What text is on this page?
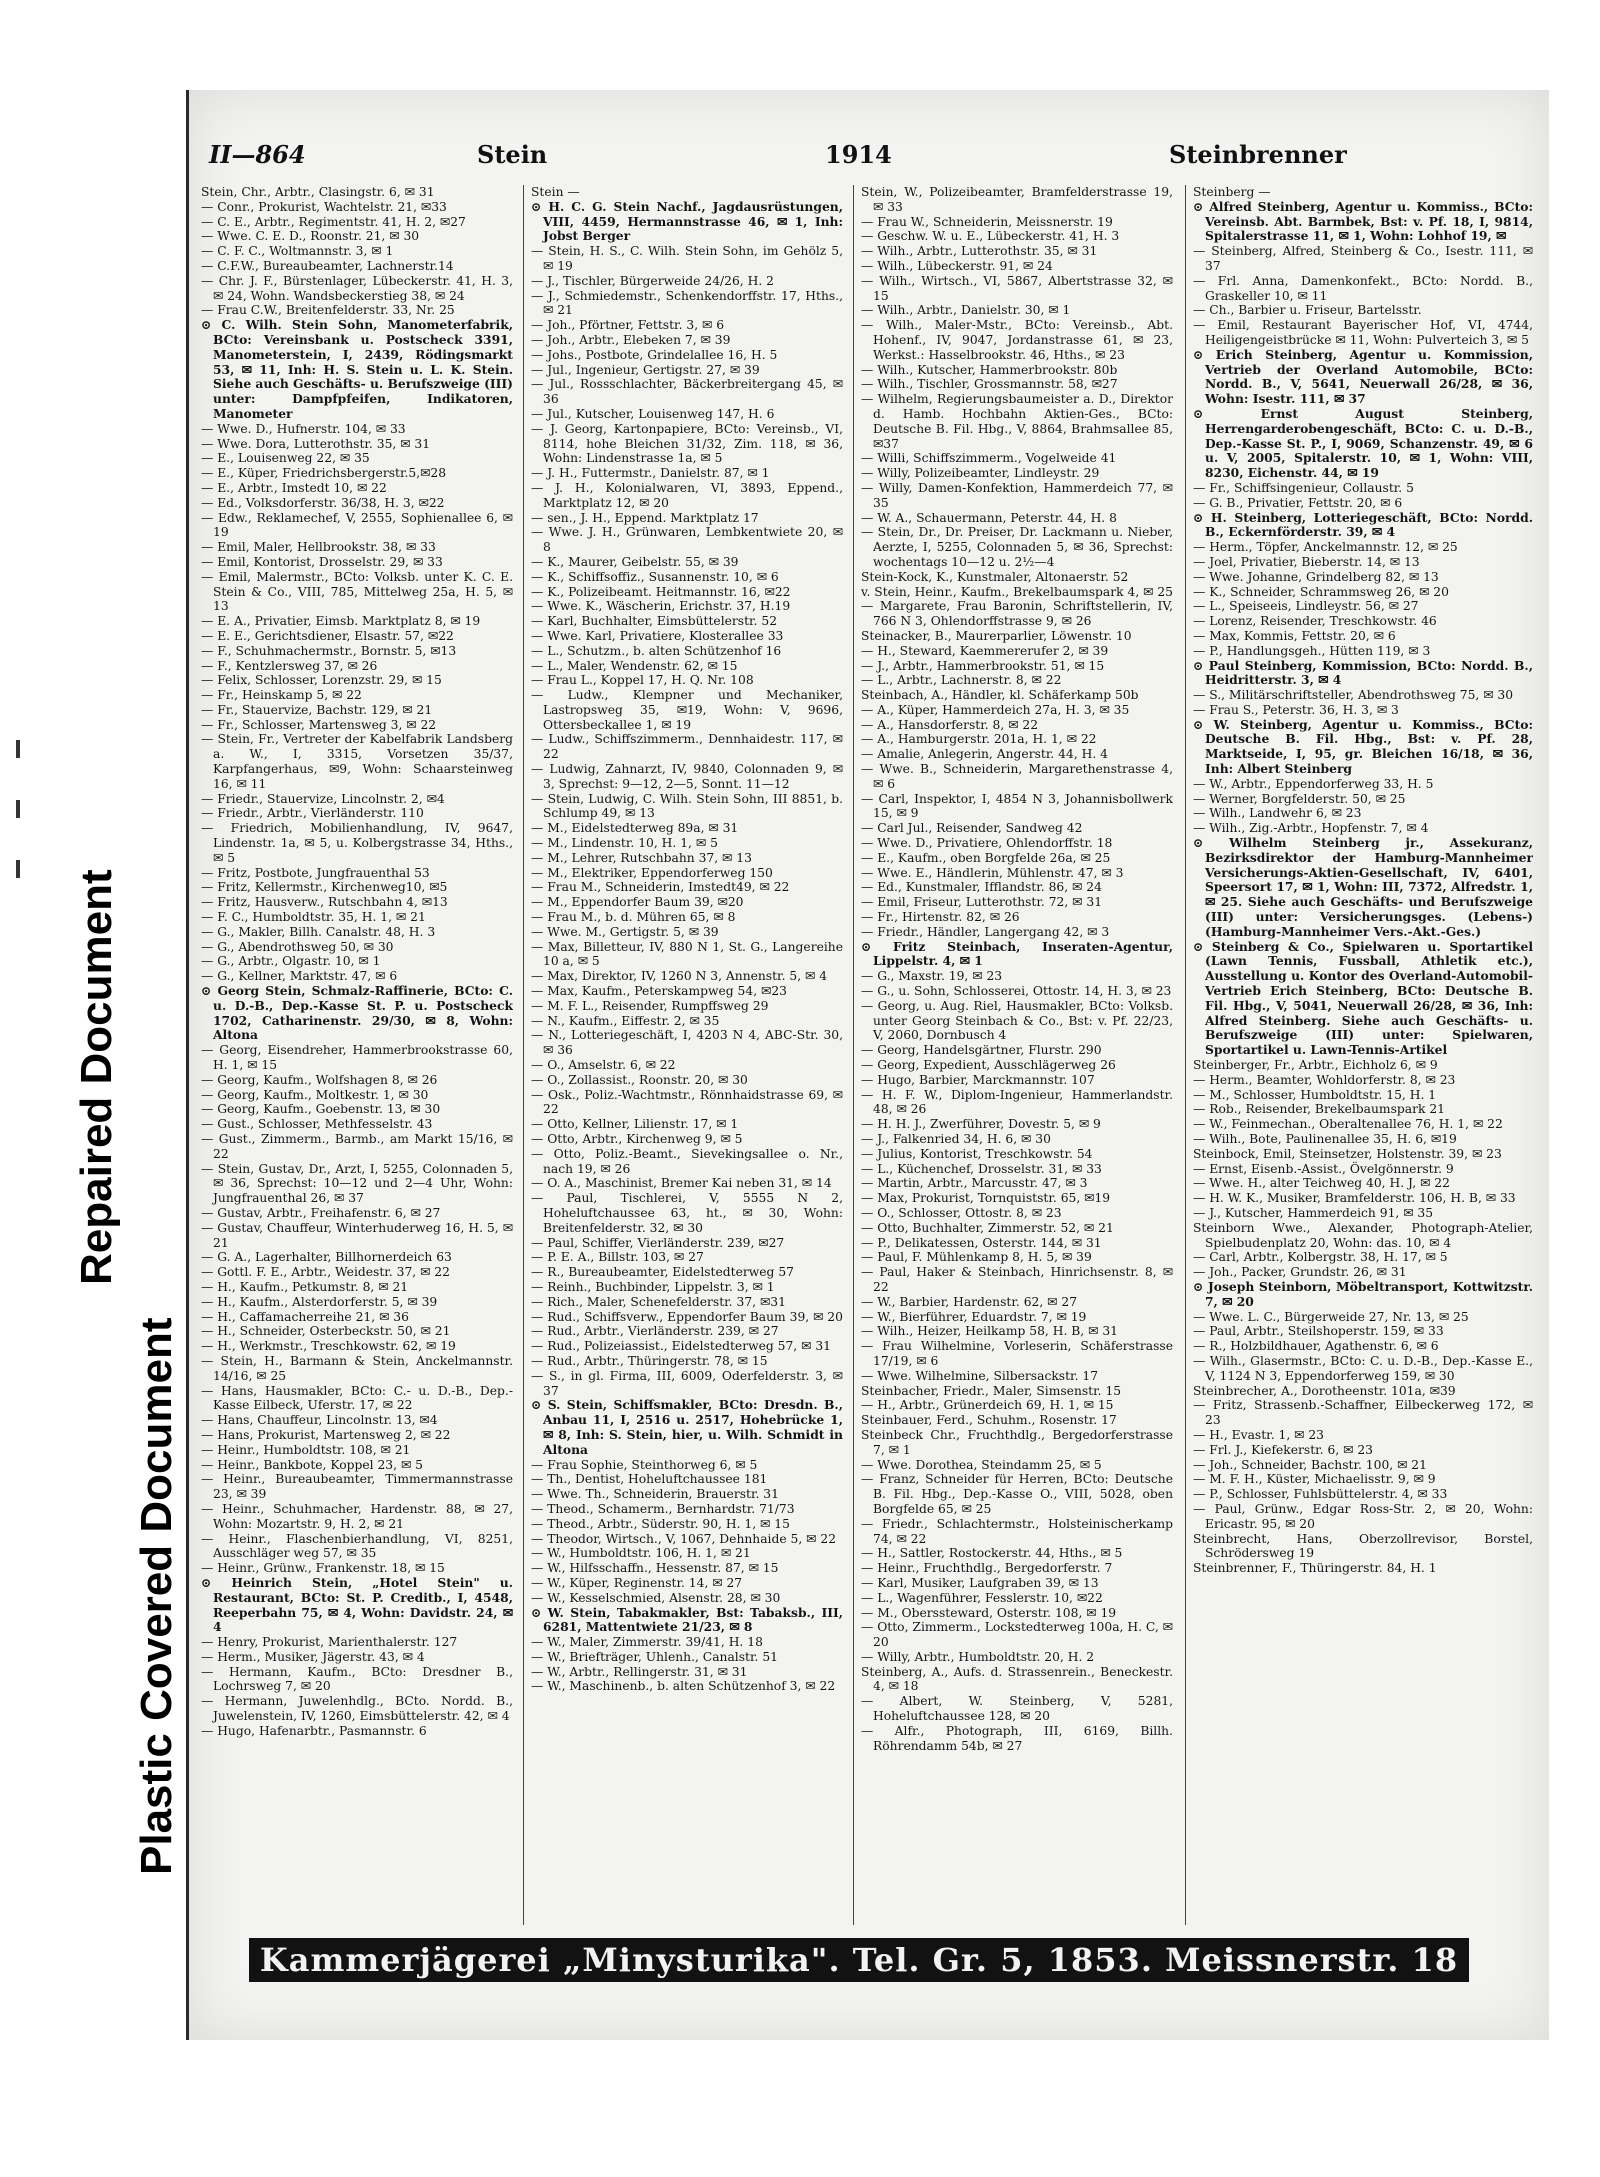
Repaired Document
Plastic Covered Document
II—864	Stein	1914	Steinbrenner

Stein, Chr., Arbtr., Clasingstr. 6, ✉ 31

— Conr., Prokurist, Wachtelstr. 21, ✉33

— C. E., Arbtr., Regimentstr. 41, H. 2, ✉27

— Wwe. C. E. D., Roonstr. 21, ✉ 30

— C. F. C., Woltmannstr. 3, ✉ 1

— C.F.W., Bureaubeamter, Lachnerstr.14

— Chr. J. F., Bürstenlager, Lübeckerstr. 41, H. 3, ✉ 24, Wohn. Wandsbeckerstieg 38, ✉ 24

— Frau C.W., Breitenfelderstr. 33, Nr. 25

⊙ C. Wilh. Stein Sohn, Manometerfabrik, BCto: Vereinsbank u. Postscheck 3391, Manometerstein, I, 2439, Rödingsmarkt 53, ✉ 11, Inh: H. S. Stein u. L. K. Stein. Siehe auch Geschäfts- u. Berufszweige (III) unter: Dampfpfeifen, Indikatoren, Manometer

— Wwe. D., Hufnerstr. 104, ✉ 33

— Wwe. Dora, Lutterothstr. 35, ✉ 31

— E., Louisenweg 22, ✉ 35

— E., Küper, Friedrichsbergerstr.5,✉28

— E., Arbtr., Imstedt 10, ✉ 22

— Ed., Volksdorferstr. 36/38, H. 3, ✉22

— Edw., Reklamechef, V, 2555, Sophienallee 6, ✉ 19

— Emil, Maler, Hellbrookstr. 38, ✉ 33

— Emil, Kontorist, Drosselstr. 29, ✉ 33

— Emil, Malermstr., BCto: Volksb. unter K. C. E. Stein & Co., VIII, 785, Mittelweg 25a, H. 5, ✉ 13

— E. A., Privatier, Eimsb. Marktplatz 8, ✉ 19

— E. E., Gerichtsdiener, Elsastr. 57, ✉22

— F., Schuhmachermstr., Bornstr. 5, ✉13

— F., Kentzlersweg 37, ✉ 26

— Felix, Schlosser, Lorenzstr. 29, ✉ 15

— Fr., Heinskamp 5, ✉ 22

— Fr., Stauervize, Bachstr. 129, ✉ 21

— Fr., Schlosser, Martensweg 3, ✉ 22

— Stein, Fr., Vertreter der Kabelfabrik Landsberg a. W., I, 3315, Vorsetzen 35/37, Karpfangerhaus, ✉9, Wohn: Schaarsteinweg 16, ✉ 11

— Friedr., Stauervize, Lincolnstr. 2, ✉4

— Friedr., Arbtr., Vierländerstr. 110

— Friedrich, Mobilienhandlung, IV, 9647, Lindenstr. 1a, ✉ 5, u. Kolbergstrasse 34, Hths., ✉ 5

— Fritz, Postbote, Jungfrauenthal 53

— Fritz, Kellermstr., Kirchenweg10, ✉5

— Fritz, Hausverw., Rutschbahn 4, ✉13

— F. C., Humboldtstr. 35, H. 1, ✉ 21

— G., Makler, Billh. Canalstr. 48, H. 3

— G., Abendrothsweg 50, ✉ 30

— G., Arbtr., Olgastr. 10, ✉ 1

— G., Kellner, Marktstr. 47, ✉ 6

⊙ Georg Stein, Schmalz-Raffinerie, BCto: C. u. D.-B., Dep.-Kasse St. P. u. Postscheck 1702, Catharinenstr. 29/30, ✉ 8, Wohn: Altona

— Georg, Eisendreher, Hammerbrookstrasse 60, H. 1, ✉ 15

— Georg, Kaufm., Wolfshagen 8, ✉ 26

— Georg, Kaufm., Moltkestr. 1, ✉ 30

— Georg, Kaufm., Goebenstr. 13, ✉ 30

— Gust., Schlosser, Methfesselstr. 43

— Gust., Zimmerm., Barmb., am Markt 15/16, ✉ 22

— Stein, Gustav, Dr., Arzt, I, 5255, Colonnaden 5, ✉ 36, Sprechst: 10—12 und 2—4 Uhr, Wohn: Jungfrauenthal 26, ✉ 37

— Gustav, Arbtr., Freihafenstr. 6, ✉ 27

— Gustav, Chauffeur, Winterhuderweg 16, H. 5, ✉ 21

— G. A., Lagerhalter, Billhornerdeich 63

— Gottl. F. E., Arbtr., Weidestr. 37, ✉ 22

— H., Kaufm., Petkumstr. 8, ✉ 21

— H., Kaufm., Alsterdorferstr. 5, ✉ 39

— H., Caffamacherreihe 21, ✉ 36

— H., Schneider, Osterbeckstr. 50, ✉ 21

— H., Werkmstr., Treschkowstr. 62, ✉ 19

— Stein, H., Barmann & Stein, Anckelmannstr. 14/16, ✉ 25

— Hans, Hausmakler, BCto: C.- u. D.-B., Dep.-Kasse Eilbeck, Uferstr. 17, ✉ 22

— Hans, Chauffeur, Lincolnstr. 13, ✉4

— Hans, Prokurist, Martensweg 2, ✉ 22

— Heinr., Humboldtstr. 108, ✉ 21

— Heinr., Bankbote, Koppel 23, ✉ 5

— Heinr., Bureaubeamter, Timmermannstrasse 23, ✉ 39

— Heinr., Schuhmacher, Hardenstr. 88, ✉ 27, Wohn: Mozartstr. 9, H. 2, ✉ 21

— Heinr., Flaschenbierhandlung, VI, 8251, Ausschläger weg 57, ✉ 35

— Heinr., Grünw., Frankenstr. 18, ✉ 15

⊙ Heinrich Stein, „Hotel Stein" u. Restaurant, BCto: St. P. Creditb., I, 4548, Reeperbahn 75, ✉ 4, Wohn: Davidstr. 24, ✉ 4

— Henry, Prokurist, Marienthalerstr. 127

— Herm., Musiker, Jägerstr. 43, ✉ 4

— Hermann, Kaufm., BCto: Dresdner B., Lochrsweg 7, ✉ 20

— Hermann, Juwelenhdlg., BCto. Nordd. B., Juwelenstein, IV, 1260, Eimsbüttelerstr. 42, ✉ 4

— Hugo, Hafenarbtr., Pasmannstr. 6

Stein —

⊙ H. C. G. Stein Nachf., Jagdausrüstungen, VIII, 4459, Hermannstrasse 46, ✉ 1, Inh: Jobst Berger

— Stein, H. S., C. Wilh. Stein Sohn, im Gehölz 5, ✉ 19

— J., Tischler, Bürgerweide 24/26, H. 2

— J., Schmiedemstr., Schenkendorffstr. 17, Hths., ✉ 21

— Joh., Pförtner, Fettstr. 3, ✉ 6

— Joh., Arbtr., Elebeken 7, ✉ 39

— Johs., Postbote, Grindelallee 16, H. 5

— Jul., Ingenieur, Gertigstr. 27, ✉ 39

— Jul., Rossschlachter, Bäckerbreitergang 45, ✉ 36

— Jul., Kutscher, Louisenweg 147, H. 6

— J. Georg, Kartonpapiere, BCto: Vereinsb., VI, 8114, hohe Bleichen 31/32, Zim. 118, ✉ 36, Wohn: Lindenstrasse 1a, ✉ 5

— J. H., Futtermstr., Danielstr. 87, ✉ 1

— J. H., Kolonialwaren, VI, 3893, Eppend., Marktplatz 12, ✉ 20

— sen., J. H., Eppend. Marktplatz 17

— Wwe. J. H., Grünwaren, Lembkentwiete 20, ✉ 8

— K., Maurer, Geibelstr. 55, ✉ 39

— K., Schiffsoffiz., Susannenstr. 10, ✉ 6

— K., Polizeibeamt. Heitmannstr. 16, ✉22

— Wwe. K., Wäscherin, Erichstr. 37, H.19

— Karl, Buchhalter, Eimsbüttelerstr. 52

— Wwe. Karl, Privatiere, Klosterallee 33

— L., Schutzm., b. alten Schützenhof 16

— L., Maler, Wendenstr. 62, ✉ 15

— Frau L., Koppel 17, H. Q. Nr. 108

— Ludw., Klempner und Mechaniker, Lastropsweg 35, ✉19, Wohn: V, 9696, Ottersbeckallee 1, ✉ 19

— Ludw., Schiffszimmerm., Dennhaidestr. 117, ✉ 22

— Ludwig, Zahnarzt, IV, 9840, Colonnaden 9, ✉ 3, Sprechst: 9—12, 2—5, Sonnt. 11—12

— Stein, Ludwig, C. Wilh. Stein Sohn, III 8851, b. Schlump 49, ✉ 13

— M., Eidelstedterweg 89a, ✉ 31

— M., Lindenstr. 10, H. 1, ✉ 5

— M., Lehrer, Rutschbahn 37, ✉ 13

— M., Elektriker, Eppendorferweg 150

— Frau M., Schneiderin, Imstedt49, ✉ 22

— M., Eppendorfer Baum 39, ✉20

— Frau M., b. d. Mühren 65, ✉ 8

— Wwe. M., Gertigstr. 5, ✉ 39

— Max, Billetteur, IV, 880 N 1, St. G., Langereihe 10 a, ✉ 5

— Max, Direktor, IV, 1260 N 3, Annenstr. 5, ✉ 4

— Max, Kaufm., Peterskampweg 54, ✉23

— M. F. L., Reisender, Rumpffsweg 29

— N., Kaufm., Eiffestr. 2, ✉ 35

— N., Lotteriegeschäft, I, 4203 N 4, ABC-Str. 30, ✉ 36

— O., Amselstr. 6, ✉ 22

— O., Zollassist., Roonstr. 20, ✉ 30

— Osk., Poliz.-Wachtmstr., Rönnhaidstrasse 69, ✉ 22

— Otto, Kellner, Lilienstr. 17, ✉ 1

— Otto, Arbtr., Kirchenweg 9, ✉ 5

— Otto, Poliz.-Beamt., Sievekingsallee o. Nr., nach 19, ✉ 26

— O. A., Maschinist, Bremer Kai neben 31, ✉ 14

— Paul, Tischlerei, V, 5555 N 2, Hoheluftchaussee 63, ht., ✉ 30, Wohn: Breitenfelderstr. 32, ✉ 30

— Paul, Schiffer, Vierländerstr. 239, ✉27

— P. E. A., Billstr. 103, ✉ 27

— R., Bureaubeamter, Eidelstedterweg 57

— Reinh., Buchbinder, Lippelstr. 3, ✉ 1

— Rich., Maler, Schenefelderstr. 37, ✉31

— Rud., Schiffsverw., Eppendorfer Baum 39, ✉ 20

— Rud., Arbtr., Vierländerstr. 239, ✉ 27

— Rud., Polizeiassist., Eidelstedterweg 57, ✉ 31

— Rud., Arbtr., Thüringerstr. 78, ✉ 15

— S., in gl. Firma, III, 6009, Oderfelderstr. 3, ✉ 37

⊙ S. Stein, Schiffsmakler, BCto: Dresdn. B., Anbau 11, I, 2516 u. 2517, Hohebrücke 1, ✉ 8, Inh: S. Stein, hier, u. Wilh. Schmidt in Altona

— Frau Sophie, Steinthorweg 6, ✉ 5

— Th., Dentist, Hoheluftchaussee 181

— Wwe. Th., Schneiderin, Brauerstr. 31

— Theod., Schamerm., Bernhardstr. 71/73

— Theod., Arbtr., Süderstr. 90, H. 1, ✉ 15

— Theodor, Wirtsch., V, 1067, Dehnhaide 5, ✉ 22

— W., Humboldtstr. 106, H. 1, ✉ 21

— W., Hilfsschaffn., Hessenstr. 87, ✉ 15

— W., Küper, Reginenstr. 14, ✉ 27

— W., Kesselschmied, Alsenstr. 28, ✉ 30

⊙ W. Stein, Tabakmakler, Bst: Tabaksb., III, 6281, Mattentwiete 21/23, ✉ 8

— W., Maler, Zimmerstr. 39/41, H. 18

— W., Briefträger, Uhlenh., Canalstr. 51

— W., Arbtr., Rellingerstr. 31, ✉ 31

— W., Maschinenb., b. alten Schützenhof 3, ✉ 22

Stein, W., Polizeibeamter, Bramfelderstrasse 19, ✉ 33

— Frau W., Schneiderin, Meissnerstr. 19

— Geschw. W. u. E., Lübeckerstr. 41, H. 3

— Wilh., Arbtr., Lutterothstr. 35, ✉ 31

— Wilh., Lübeckerstr. 91, ✉ 24

— Wilh., Wirtsch., VI, 5867, Albertstrasse 32, ✉ 15

— Wilh., Arbtr., Danielstr. 30, ✉ 1

— Wilh., Maler-Mstr., BCto: Vereinsb., Abt. Hohenf., IV, 9047, Jordanstrasse 61, ✉ 23, Werkst.: Hasselbrookstr. 46, Hths., ✉ 23

— Wilh., Kutscher, Hammerbrookstr. 80b

— Wilh., Tischler, Grossmannstr. 58, ✉27

— Wilhelm, Regierungsbaumeister a. D., Direktor d. Hamb. Hochbahn Aktien-Ges., BCto: Deutsche B. Fil. Hbg., V, 8864, Brahmsallee 85, ✉37

— Willi, Schiffszimmerm., Vogelweide 41

— Willy, Polizeibeamter, Lindleystr. 29

— Willy, Damen-Konfektion, Hammerdeich 77, ✉ 35

— W. A., Schauermann, Peterstr. 44, H. 8

— Stein, Dr., Dr. Preiser, Dr. Lackmann u. Nieber, Aerzte, I, 5255, Colonnaden 5, ✉ 36, Sprechst: wochentags 10—12 u. 2½—4

Stein-Kock, K., Kunstmaler, Altonaerstr. 52

v. Stein, Heinr., Kaufm., Brekelbaumspark 4, ✉ 25

— Margarete, Frau Baronin, Schriftstellerin, IV, 766 N 3, Ohlendorffstrasse 9, ✉ 26

Steinacker, B., Maurerparlier, Löwenstr. 10

— H., Steward, Kaemmererufer 2, ✉ 39

— J., Arbtr., Hammerbrookstr. 51, ✉ 15

— L., Arbtr., Lachnerstr. 8, ✉ 22

Steinbach, A., Händler, kl. Schäferkamp 50b

— A., Küper, Hammerdeich 27a, H. 3, ✉ 35

— A., Hansdorferstr. 8, ✉ 22

— A., Hamburgerstr. 201a, H. 1, ✉ 22

— Amalie, Anlegerin, Angerstr. 44, H. 4

— Wwe. B., Schneiderin, Margarethenstrasse 4, ✉ 6

— Carl, Inspektor, I, 4854 N 3, Johannisbollwerk 15, ✉ 9

— Carl Jul., Reisender, Sandweg 42

— Wwe. D., Privatiere, Ohlendorffstr. 18

— E., Kaufm., oben Borgfelde 26a, ✉ 25

— Wwe. E., Händlerin, Mühlenstr. 47, ✉ 3

— Ed., Kunstmaler, Ifflandstr. 86, ✉ 24

— Emil, Friseur, Lutterothstr. 72, ✉ 31

— Fr., Hirtenstr. 82, ✉ 26

— Friedr., Händler, Langergang 42, ✉ 3

⊙ Fritz Steinbach, Inseraten-Agentur, Lippelstr. 4, ✉ 1

— G., Maxstr. 19, ✉ 23

— G., u. Sohn, Schlosserei, Ottostr. 14, H. 3, ✉ 23

— Georg, u. Aug. Riel, Hausmakler, BCto: Volksb. unter Georg Steinbach & Co., Bst: v. Pf. 22/23, V, 2060, Dornbusch 4

— Georg, Handelsgärtner, Flurstr. 290

— Georg, Expedient, Ausschlägerweg 26

— Hugo, Barbier, Marckmannstr. 107

— H. F. W., Diplom-Ingenieur, Hammerlandstr. 48, ✉ 26

— H. H. J., Zwerführer, Dovestr. 5, ✉ 9

— J., Falkenried 34, H. 6, ✉ 30

— Julius, Kontorist, Treschkowstr. 54

— L., Küchenchef, Drosselstr. 31, ✉ 33

— Martin, Arbtr., Marcusstr. 47, ✉ 3

— Max, Prokurist, Tornquiststr. 65, ✉19

— O., Schlosser, Ottostr. 8, ✉ 23

— Otto, Buchhalter, Zimmerstr. 52, ✉ 21

— P., Delikatessen, Osterstr. 144, ✉ 31

— Paul, F. Mühlenkamp 8, H. 5, ✉ 39

— Paul, Haker & Steinbach, Hinrichsenstr. 8, ✉ 22

— W., Barbier, Hardenstr. 62, ✉ 27

— W., Bierführer, Eduardstr. 7, ✉ 19

— Wilh., Heizer, Heilkamp 58, H. B, ✉ 31

— Frau Wilhelmine, Vorleserin, Schäferstrasse 17/19, ✉ 6

— Wwe. Wilhelmine, Silbersackstr. 17

Steinbacher, Friedr., Maler, Simsenstr. 15

— H., Arbtr., Grünerdeich 69, H. 1, ✉ 15

Steinbauer, Ferd., Schuhm., Rosenstr. 17

Steinbeck Chr., Fruchthdlg., Bergedorferstrasse 7, ✉ 1

— Wwe. Dorothea, Steindamm 25, ✉ 5

— Franz, Schneider für Herren, BCto: Deutsche B. Fil. Hbg., Dep.-Kasse O., VIII, 5028, oben Borgfelde 65, ✉ 25

— Friedr., Schlachtermstr., Holsteinischerkamp 74, ✉ 22

— H., Sattler, Rostockerstr. 44, Hths., ✉ 5

— Heinr., Fruchthdlg., Bergedorferstr. 7

— Karl, Musiker, Laufgraben 39, ✉ 13

— L., Wagenführer, Fesslerstr. 10, ✉22

— M., Oberssteward, Osterstr. 108, ✉ 19

— Otto, Zimmerm., Lockstedterweg 100a, H. C, ✉ 20

— Willy, Arbtr., Humboldtstr. 20, H. 2

Steinberg, A., Aufs. d. Strassenrein., Beneckestr. 4, ✉ 18

— Albert, W. Steinberg, V, 5281, Hoheluftchaussee 128, ✉ 20

— Alfr., Photograph, III, 6169, Billh. Röhrendamm 54b, ✉ 27

Steinberg —

⊙ Alfred Steinberg, Agentur u. Kommiss., BCto: Vereinsb. Abt. Barmbek, Bst: v. Pf. 18, I, 9814, Spitalerstrasse 11, ✉ 1, Wohn: Lohhof 19, ✉

— Steinberg, Alfred, Steinberg & Co., Isestr. 111, ✉ 37

— Frl. Anna, Damenkonfekt., BCto: Nordd. B., Graskeller 10, ✉ 11

— Ch., Barbier u. Friseur, Bartelsstr.

— Emil, Restaurant Bayerischer Hof, VI, 4744, Heiligengeistbrücke ✉ 11, Wohn: Pulverteich 3, ✉ 5

⊙ Erich Steinberg, Agentur u. Kommission, Vertrieb der Overland Automobile, BCto: Nordd. B., V, 5641, Neuerwall 26/28, ✉ 36, Wohn: Isestr. 111, ✉ 37

⊙ Ernst August Steinberg, Herrengarderobengeschäft, BCto: C. u. D.-B., Dep.-Kasse St. P., I, 9069, Schanzenstr. 49, ✉ 6 u. V, 2005, Spitalerstr. 10, ✉ 1, Wohn: VIII, 8230, Eichenstr. 44, ✉ 19

— Fr., Schiffsingenieur, Collaustr. 5

— G. B., Privatier, Fettstr. 20, ✉ 6

⊙ H. Steinberg, Lotteriegeschäft, BCto: Nordd. B., Eckernförderstr. 39, ✉ 4

— Herm., Töpfer, Anckelmannstr. 12, ✉ 25

— Joel, Privatier, Bieberstr. 14, ✉ 13

— Wwe. Johanne, Grindelberg 82, ✉ 13

— K., Schneider, Schrammsweg 26, ✉ 20

— L., Speiseeis, Lindleystr. 56, ✉ 27

— Lorenz, Reisender, Treschkowstr. 46

— Max, Kommis, Fettstr. 20, ✉ 6

— P., Handlungsgeh., Hütten 119, ✉ 3

⊙ Paul Steinberg, Kommission, BCto: Nordd. B., Heidritterstr. 3, ✉ 4

— S., Militärschriftsteller, Abendrothsweg 75, ✉ 30

— Frau S., Peterstr. 36, H. 3, ✉ 3

⊙ W. Steinberg, Agentur u. Kommiss., BCto: Deutsche B. Fil. Hbg., Bst: v. Pf. 28, Marktseide, I, 95, gr. Bleichen 16/18, ✉ 36, Inh: Albert Steinberg

— W., Arbtr., Eppendorferweg 33, H. 5

— Werner, Borgfelderstr. 50, ✉ 25

— Wilh., Landwehr 6, ✉ 23

— Wilh., Zig.-Arbtr., Hopfenstr. 7, ✉ 4

⊙ Wilhelm Steinberg jr., Assekuranz, Bezirksdirektor der Hamburg-Mannheimer Versicherungs-Aktien-Gesellschaft, IV, 6401, Speersort 17, ✉ 1, Wohn: III, 7372, Alfredstr. 1, ✉ 25. Siehe auch Geschäfts- und Berufszweige (III) unter: Versicherungsges. (Lebens-) (Hamburg-Mannheimer Vers.-Akt.-Ges.)

⊙ Steinberg & Co., Spielwaren u. Sportartikel (Lawn Tennis, Fussball, Athletik etc.), Ausstellung u. Kontor des Overland-Automobil-Vertrieb Erich Steinberg, BCto: Deutsche B. Fil. Hbg., V, 5041, Neuerwall 26/28, ✉ 36, Inh: Alfred Steinberg. Siehe auch Geschäfts- u. Berufszweige (III) unter: Spielwaren, Sportartikel u. Lawn-Tennis-Artikel

Steinberger, Fr., Arbtr., Eichholz 6, ✉ 9

— Herm., Beamter, Wohldorferstr. 8, ✉ 23

— M., Schlosser, Humboldtstr. 15, H. 1

— Rob., Reisender, Brekelbaumspark 21

— W., Feinmechan., Oberaltenallee 76, H. 1, ✉ 22

— Wilh., Bote, Paulinenallee 35, H. 6, ✉19

Steinbock, Emil, Steinsetzer, Holstenstr. 39, ✉ 23

— Ernst, Eisenb.-Assist., Övelgönnerstr. 9

— Wwe. H., alter Teichweg 40, H. J, ✉ 22

— H. W. K., Musiker, Bramfelderstr. 106, H. B, ✉ 33

— J., Kutscher, Hammerdeich 91, ✉ 35

Steinborn Wwe., Alexander, Photograph-Atelier, Spielbudenplatz 20, Wohn: das. 10, ✉ 4

— Carl, Arbtr., Kolbergstr. 38, H. 17, ✉ 5

— Joh., Packer, Grundstr. 26, ✉ 31

⊙ Joseph Steinborn, Möbeltransport, Kottwitzstr. 7, ✉ 20

— Wwe. L. C., Bürgerweide 27, Nr. 13, ✉ 25

— Paul, Arbtr., Steilshoperstr. 159, ✉ 33

— R., Holzbildhauer, Agathenstr. 6, ✉ 6

— Wilh., Glasermstr., BCto: C. u. D.-B., Dep.-Kasse E., V, 1124 N 3, Eppendorferweg 159, ✉ 30

Steinbrecher, A., Dorotheenstr. 101a, ✉39

— Fritz, Strassenb.-Schaffner, Eilbeckerweg 172, ✉ 23

— H., Evastr. 1, ✉ 23

— Frl. J., Kiefekerstr. 6, ✉ 23

— Joh., Schneider, Bachstr. 100, ✉ 21

— M. F. H., Küster, Michaelisstr. 9, ✉ 9

— P., Schlosser, Fuhlsbüttelerstr. 4, ✉ 33

— Paul, Grünw., Edgar Ross-Str. 2, ✉ 20, Wohn: Ericastr. 95, ✉ 20

Steinbrecht, Hans, Oberzollrevisor, Borstel, Schrödersweg 19

Steinbrenner, F., Thüringerstr. 84, H. 1

Kammerjägerei „Minysturika". Tel. Gr. 5, 1853. Meissnerstr. 18
